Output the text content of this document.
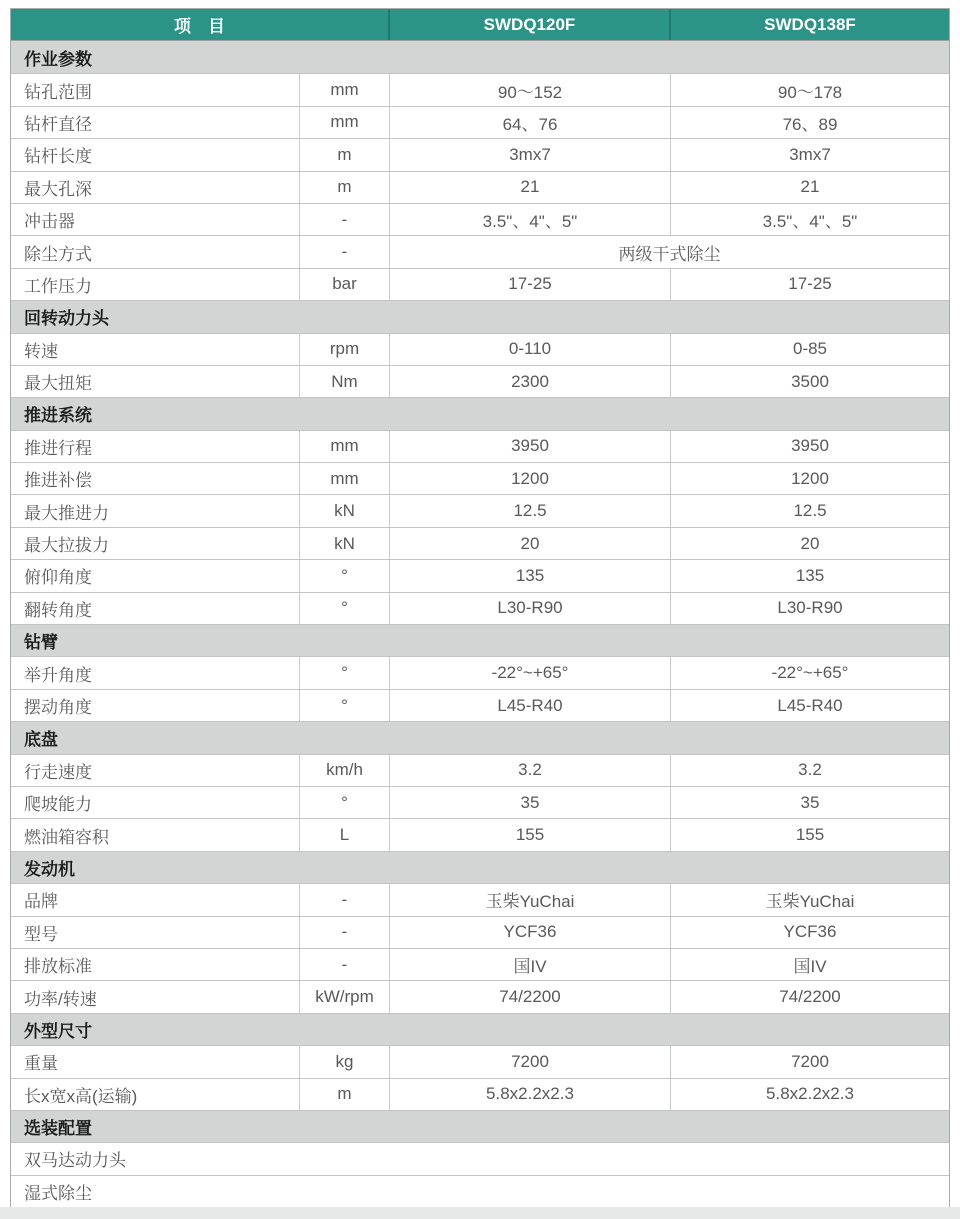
项　目	SWDQ120F	SWDQ138F
作业参数
钻孔范围	mm	90～152	90～178
钻杆直径	mm	64、76	76、89
钻杆长度	m	3mx7	3mx7
最大孔深	m	21	21
冲击器	-	3.5"、4"、5"	3.5"、4"、5"
除尘方式	-	两级干式除尘
工作压力	bar	17-25	17-25
回转动力头
转速	rpm	0-110	0-85
最大扭矩	Nm	2300	3500
推进系统
推进行程	mm	3950	3950
推进补偿	mm	1200	1200
最大推进力	kN	12.5	12.5
最大拉拔力	kN	20	20
俯仰角度	°	135	135
翻转角度	°	L30-R90	L30-R90
钻臂
举升角度	°	-22°~+65°	-22°~+65°
摆动角度	°	L45-R40	L45-R40
底盘
行走速度	km/h	3.2	3.2
爬坡能力	°	35	35
燃油箱容积	L	155	155
发动机
品牌	-	玉柴YuChai	玉柴YuChai
型号	-	YCF36	YCF36
排放标准	-	国IV	国IV
功率/转速	kW/rpm	74/2200	74/2200
外型尺寸
重量	kg	7200	7200
长x宽x高(运输)	m	5.8x2.2x2.3	5.8x2.2x2.3
选装配置
双马达动力头
湿式除尘
